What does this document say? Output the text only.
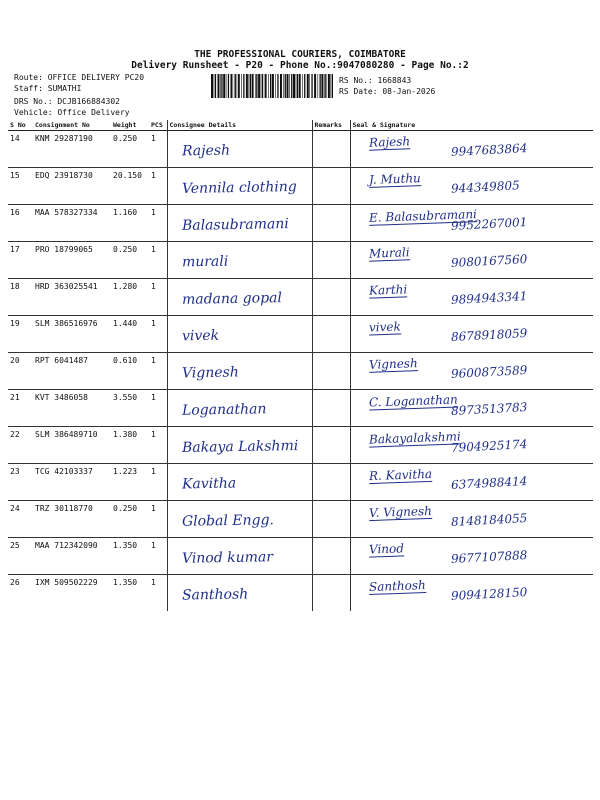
THE PROFESSIONAL COURIERS, COIMBATORE
Delivery Runsheet - P20 - Phone No.:9047080280 - Page No.:2
Route: OFFICE DELIVERY PC20
Staff: SUMATHI
DRS No.: DCJB166884302
Vehicle: Office Delivery
RS No.: 1668843
RS Date: 08-Jan-2026
S No	Consignment No	Weight	PCS	Consignee Details	Remarks	Seal & Signature
14	KNM 29287190	0.250	1	Rajesh		Rajesh 9947683864

15	EDQ 23918730	20.150	1	Vennila clothing		J. Muthu 944349805

16	MAA 578327334	1.160	1	Balasubramani		E. Balasubramani
9952267001

17	PRO 18799065	0.250	1	murali		Murali 9080167560

18	HRD 363025541	1.280	1	madana gopal		Karthi 9894943341

19	SLM 386516976	1.440	1	vivek		vivek 8678918059

20	RPT 6041487	0.610	1	Vignesh		Vignesh 9600873589

21	KVT 3486058	3.550	1	Loganathan		C. Loganathan
8973513783

22	SLM 386489710	1.380	1	Bakaya Lakshmi		Bakayalakshmi
7904925174

23	TCG 42103337	1.223	1	Kavitha		R. Kavitha 6374988414

24	TRZ 30118770	0.250	1	Global Engg.		V. Vignesh 8148184055

25	MAA 712342090	1.350	1	Vinod kumar		Vinod 9677107888

26	IXM 509502229	1.350	1	Santhosh		Santhosh 9094128150
